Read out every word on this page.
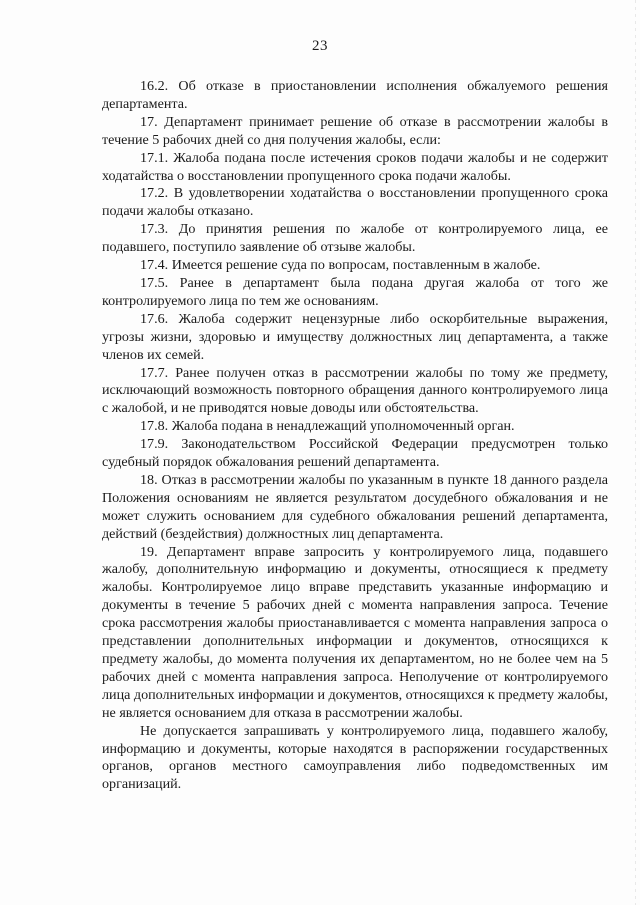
23

16.2. Об отказе в приостановлении исполнения обжалуемого решения департамента.

17. Департамент принимает решение об отказе в рассмотрении жалобы в течение 5 рабочих дней со дня получения жалобы, если:

17.1. Жалоба подана после истечения сроков подачи жалобы и не содержит ходатайства о восстановлении пропущенного срока подачи жалобы.

17.2. В удовлетворении ходатайства о восстановлении пропущенного срока подачи жалобы отказано.

17.3. До принятия решения по жалобе от контролируемого лица, ее подавшего, поступило заявление об отзыве жалобы.

17.4. Имеется решение суда по вопросам, поставленным в жалобе.

17.5. Ранее в департамент была подана другая жалоба от того же контролируемого лица по тем же основаниям.

17.6. Жалоба содержит нецензурные либо оскорбительные выражения, угрозы жизни, здоровью и имуществу должностных лиц департамента, а также членов их семей.

17.7. Ранее получен отказ в рассмотрении жалобы по тому же предмету, исключающий возможность повторного обращения данного контролируемого лица с жалобой, и не приводятся новые доводы или обстоятельства.

17.8. Жалоба подана в ненадлежащий уполномоченный орган.

17.9. Законодательством Российской Федерации предусмотрен только судебный порядок обжалования решений департамента.

18. Отказ в рассмотрении жалобы по указанным в пункте 18 данного раздела Положения основаниям не является результатом досудебного обжалования и не может служить основанием для судебного обжалования решений департамента, действий (бездействия) должностных лиц департамента.

19. Департамент вправе запросить у контролируемого лица, подавшего жалобу, дополнительную информацию и документы, относящиеся к предмету жалобы. Контролируемое лицо вправе представить указанные информацию и документы в течение 5 рабочих дней с момента направления запроса. Течение срока рассмотрения жалобы приостанавливается с момента направления запроса о представлении дополнительных информации и документов, относящихся к предмету жалобы, до момента получения их департаментом, но не более чем на 5 рабочих дней с момента направления запроса. Неполучение от контролируемого лица дополнительных информации и документов, относящихся к предмету жалобы, не является основанием для отказа в рассмотрении жалобы.

Не допускается запрашивать у контролируемого лица, подавшего жалобу, информацию и документы, которые находятся в распоряжении государственных органов, органов местного самоуправления либо подведомственных им организаций.
